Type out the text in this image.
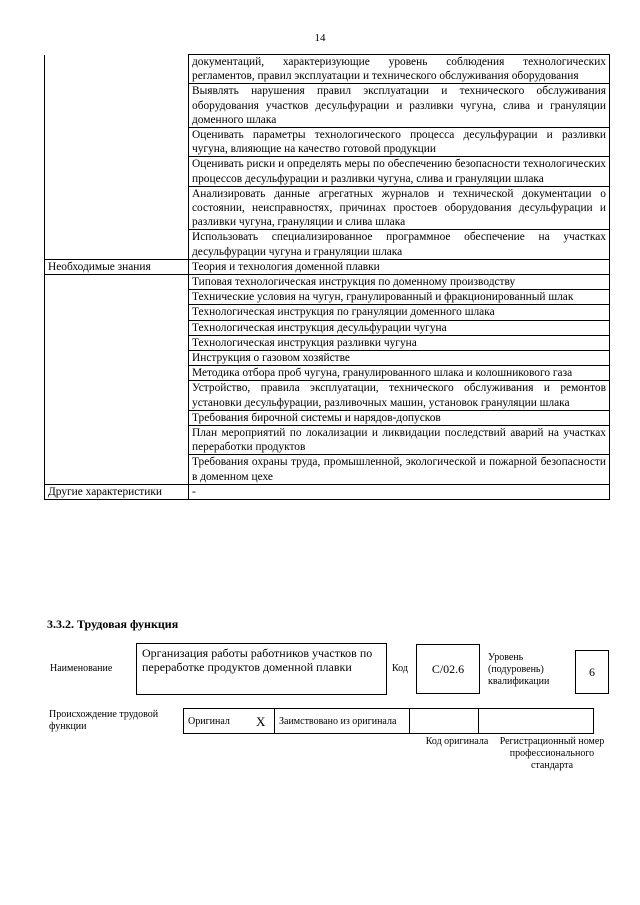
14
	документаций, характеризующие уровень соблюдения технологических регламентов, правил эксплуатации и технического обслуживания оборудования
	Выявлять нарушения правил эксплуатации и технического обслуживания оборудования участков десульфурации и разливки чугуна, слива и грануляции доменного шлака
	Оценивать параметры технологического процесса десульфурации и разливки чугуна, влияющие на качество готовой продукции
	Оценивать риски и определять меры по обеспечению безопасности технологических процессов десульфурации и разливки чугуна, слива и грануляции шлака
	Анализировать данные агрегатных журналов и технической документации о состоянии, неисправностях, причинах простоев оборудования десульфурации и разливки чугуна, грануляции и слива шлака
	Использовать специализированное программное обеспечение на участках десульфурации чугуна и грануляции шлака
Необходимые знания	Теория и технология доменной плавки
	Типовая технологическая инструкция по доменному производству
	Технические условия на чугун, гранулированный и фракционированный шлак
	Технологическая инструкция по грануляции доменного шлака
	Технологическая инструкция десульфурации чугуна
	Технологическая инструкция разливки чугуна
	Инструкция о газовом хозяйстве
	Методика отбора проб чугуна, гранулированного шлака и колошникового газа
	Устройство, правила эксплуатации, технического обслуживания и ремонтов установки десульфурации, разливочных машин, установок грануляции шлака
	Требования бирочной системы и нарядов-допусков
	План мероприятий по локализации и ликвидации последствий аварий на участках переработки продуктов
	Требования охраны труда, промышленной, экологической и пожарной безопасности в доменном цехе
Другие характеристики	-
3.3.2. Трудовая функция
Наименование
Организация работы работников участков по переработке продуктов доменной плавки	Код С/02.6
Уровень (подуровень) квалификации
6
Происхождение трудовой функции	Оригинал	X	Заимствовано из оригинала		
Код оригинала	Регистрационный номер профессионального стандарта
